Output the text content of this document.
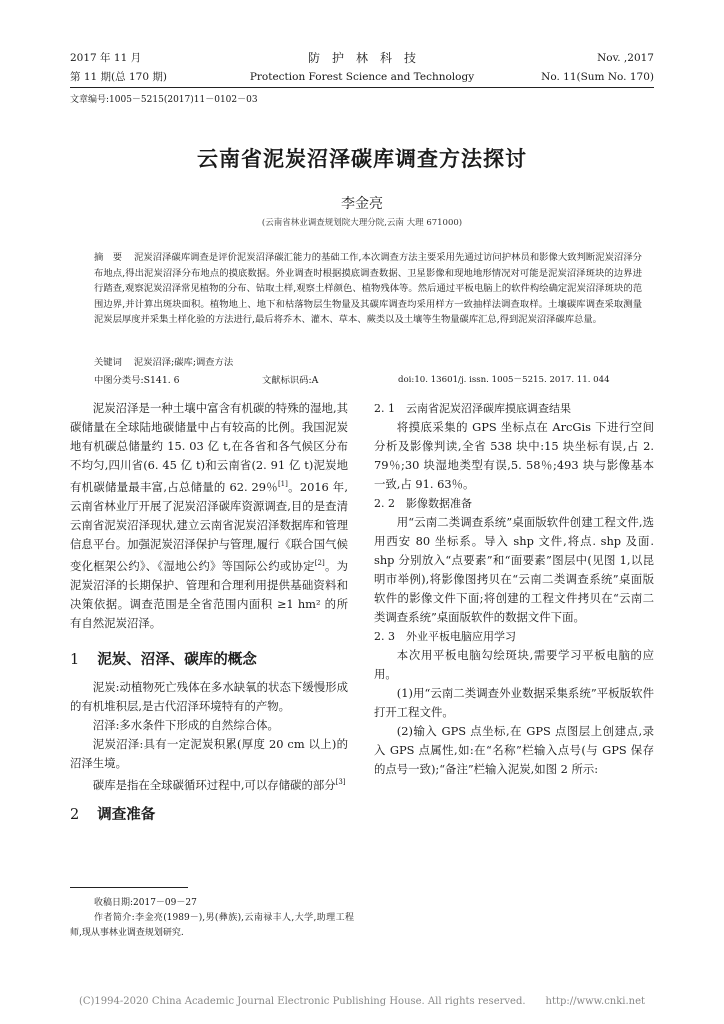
2017 年 11 月	防　护　林　科　技	Nov. ,2017
第 11 期(总 170 期)	Protection Forest Science and Technology	No. 11(Sum No. 170)
文章编号:1005－5215(2017)11－0102－03
云南省泥炭沼泽碳库调查方法探讨
李金亮
(云南省林业调查规划院大理分院,云南 大理 671000)
摘　要 泥炭沼泽碳库调查是评价泥炭沼泽碳汇能力的基础工作,本次调查方法主要采用先通过访问护林员和影像大致判断泥炭沼泽分布地点,得出泥炭沼泽分布地点的摸底数据。外业调查时根据摸底调查数据、卫星影像和现地地形情况对可能是泥炭沼泽斑块的边界进行踏查,观察泥炭沼泽常见植物的分布、钻取土样,观察土样颜色、植物残体等。然后通过平板电脑上的软件构绘确定泥炭沼泽斑块的范围边界,并计算出斑块面积。植物地上、地下和枯落物层生物量及其碳库调查均采用样方一致抽样法调查取样。土壤碳库调查采取测量泥炭层厚度并采集土样化验的方法进行,最后将乔木、灌木、草本、蕨类以及土壤等生物量碳库汇总,得到泥炭沼泽碳库总量。
关键词 泥炭沼泽;碳库;调查方法
中图分类号:S141. 6	文献标识码:A	doi:10. 13601/j. issn. 1005－5215. 2017. 11. 044

泥炭沼泽是一种土壤中富含有机碳的特殊的湿地,其碳储量在全球陆地碳储量中占有较高的比例。我国泥炭地有机碳总储量约 15. 03 亿 t,在各省和各气候区分布不均匀,四川省(6. 45 亿 t)和云南省(2. 91 亿 t)泥炭地有机碳储量最丰富,占总储量的 62. 29％[1]。2016 年,云南省林业厅开展了泥炭沼泽碳库资源调查,目的是查清云南省泥炭沼泽现状,建立云南省泥炭沼泽数据库和管理信息平台。加强泥炭沼泽保护与管理,履行《联合国气候变化框架公约》、《湿地公约》等国际公约或协定[2]。为泥炭沼泽的长期保护、管理和合理利用提供基础资料和决策依据。调查范围是全省范围内面积 ≥1 hm² 的所有自然泥炭沼泽。

1 泥炭、沼泽、碳库的概念

泥炭:动植物死亡残体在多水缺氧的状态下缓慢形成的有机堆积层,是古代沼泽环境特有的产物。

沼泽:多水条件下形成的自然综合体。

泥炭沼泽:具有一定泥炭积累(厚度 20 cm 以上)的沼泽生境。

碳库是指在全球碳循环过程中,可以存储碳的部分[3]

2 调查准备

2. 1　云南省泥炭沼泽碳库摸底调查结果

将摸底采集的 GPS 坐标点在 ArcGis 下进行空间分析及影像判读,全省 538 块中:15 块坐标有误,占 2. 79％;30 块湿地类型有误,5. 58％;493 块与影像基本一致,占 91. 63％。

2. 2　影像数据准备

用“云南二类调查系统”桌面版软件创建工程文件,选用西安 80 坐标系。导入 shp 文件,将点. shp 及面. shp 分别放入“点要素”和“面要素”图层中(见图 1,以昆明市举例),将影像图拷贝在“云南二类调查系统”桌面版软件的影像文件下面;将创建的工程文件拷贝在“云南二类调查系统”桌面版软件的数据文件下面。

2. 3　外业平板电脑应用学习

本次用平板电脑勾绘斑块,需要学习平板电脑的应用。

(1)用“云南二类调查外业数据采集系统”平板版软件打开工程文件。

(2)输入 GPS 点坐标,在 GPS 点图层上创建点,录入 GPS 点属性,如:在“名称”栏输入点号(与 GPS 保存的点号一致);“备注”栏输入泥炭,如图 2 所示:

收稿日期:2017－09－27
作者简介:李金亮(1989－),男(彝族),云南禄丰人,大学,助理工程师,现从事林业调查规划研究.
(C)1994-2020 China Academic Journal Electronic Publishing House. All rights reserved.　　http://www.cnki.net
